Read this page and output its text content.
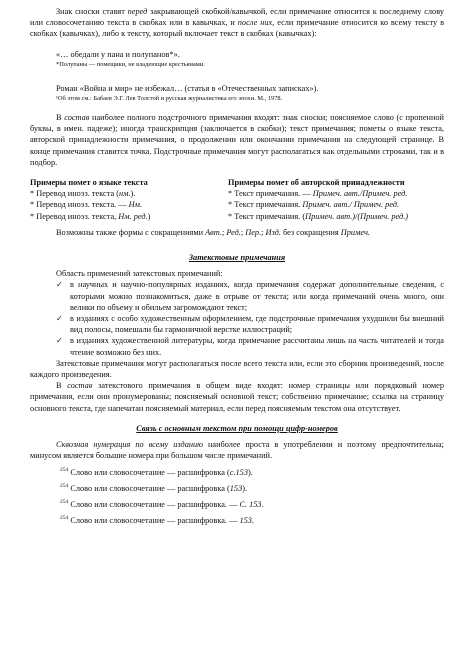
Знак сноски ставят перед закрывающей скобкой/кавычкой, если примечание относится к последнему слову или словосочетанию текста в скобках или в кавычках, и после них, если примечание относится ко всему тексту в скобках (кавычках), либо к тексту, который включает текст в скобках (кавычках):

«… обедали у пана и полупанов*».

*Полупаны — помещики, не владеющие крестьянами.

Роман «Война и мир» не избежал… (статья в «Отечественных записках»).

¹Об этом см.: Бабаев Э.Г. Лев Толстой и русская журналистика его эпохи. М., 1978.

В состав наиболее полного подстрочного примечания входят: знак сноски; поясняемое слово (с пропенной буквы, в имен. падеже); иногда транскрипция (заключается в скобки); текст примечания; пометы о языке текста, авторской принадлежности примечания, о продолжении или окончании примечания на следующей странице. В конце примечания ставится точка. Подстрочные примечания могут располагаться как отдельными строками, так и в подбор.

Примеры помет о языке текста

* Перевод иноэз. текста (нм.).

* Перевод иноэз. текста. — Нм.

* Перевод иноэз. текста, Нм. ред.)

Примеры помет об авторской принадлежности

* Текст примечания. — Примеч. авт./Примеч. ред.

* Текст примечания. Примеч. авт./ Примеч. ред.

* Текст примечания. (Примеч. авт.)/(Примеч. ред.)

Возможны также формы с сокращениями Авт.; Ред.; Пер.; Изд. без сокращения Примеч.

Затекстовые примечания

Область применений затекстовых примечаний:

✓ в научных и научно-популярных изданиях, когда примечания содержат дополнительные сведения, с которыми можно познакомиться, даже в отрыве от текста; или когда примечаний очень много, они велики по объему и обильем загромождают текст;
✓ в изданиях с особо художественным оформлением, где подстрочные примечания ухудшили бы внешний вид полосы, помешали бы гармоничной верстке иллюстраций;
✓ в изданиях художественной литературы, когда примечание рассчитаны лишь на часть читателей и тогда чтение возможно без них.

Затекстовые примечания могут располагаться после всего текста или, если это сборник произведений, после каждого произведения.

В состав затекстового примечания в общем виде входят: номер страницы или порядковый номер примечания, если они пронумерованы; поясняемый основной текст; собственно примечание; ссылка на страницу основного текста, где напечатан поясняемый материал, если перед поясняемым текстом она отсутствует.

Связь с основным текстом при помощи цифр-номеров

Сквозная нумерация по всему изданию наиболее проста в употреблении и поэтому предпочтительна; минусом является большие номера при большом числе примечаний.

$^{254}$ Слово или словосочетание — расшифровка (с.153).

$^{254}$ Слово или словосочетание — расшифровка (153).

$^{254}$ Слово или словосочетание — расшифровка. — С. 153.

$^{254}$ Слово или словосочетание — расшифровка. — 153.
